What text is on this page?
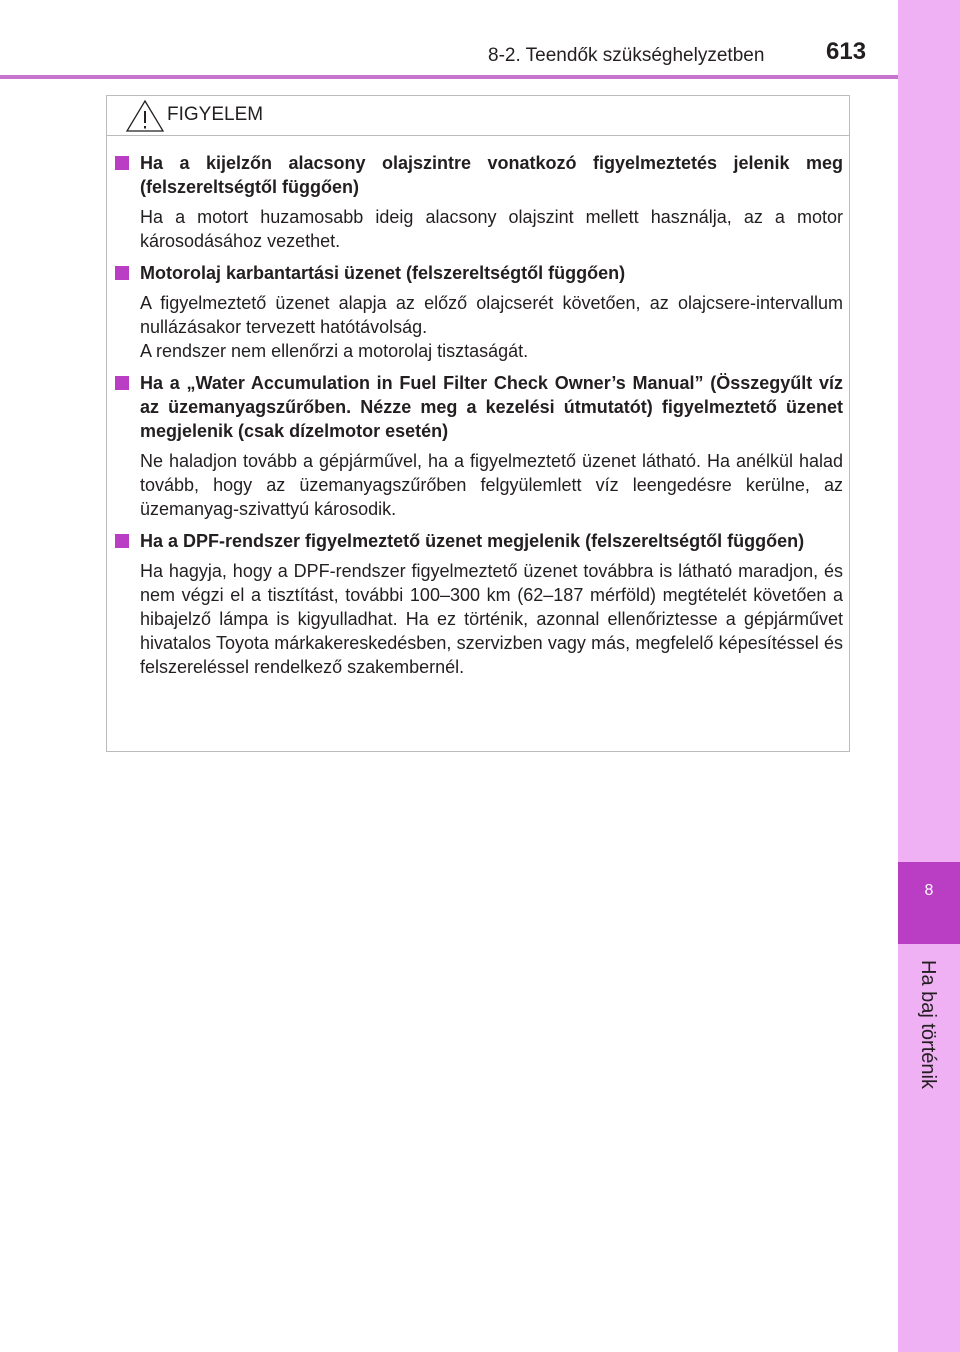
8
Ha baj történik
8-2. Teendők szükséghelyzetben	613
FIGYELEM
Ha a kijelzőn alacsony olajszintre vonatkozó figyelmeztetés jelenik meg (felszereltségtől függően)
Ha a motort huzamosabb ideig alacsony olajszint mellett használja, az a motor károsodásához vezethet.
Motorolaj karbantartási üzenet (felszereltségtől függően)
A figyelmeztető üzenet alapja az előző olajcserét követően, az olajcsere-intervallum nullázásakor tervezett hatótávolság.
A rendszer nem ellenőrzi a motorolaj tisztaságát.
Ha a „Water Accumulation in Fuel Filter Check Owner’s Manual” (Összegyűlt víz az üzemanyagszűrőben. Nézze meg a kezelési útmutatót) figyelmeztető üzenet megjelenik (csak dízelmotor esetén)
Ne haladjon tovább a gépjárművel, ha a figyelmeztető üzenet látható. Ha anélkül halad tovább, hogy az üzemanyagszűrőben felgyülemlett víz leengedésre kerülne, az üzemanyag-szivattyú károsodik.
Ha a DPF-rendszer figyelmeztető üzenet megjelenik (felszereltségtől függően)
Ha hagyja, hogy a DPF-rendszer figyelmeztető üzenet továbbra is látható maradjon, és nem végzi el a tisztítást, további 100–300 km (62–187 mérföld) megtételét követően a hibajelző lámpa is kigyulladhat. Ha ez történik, azonnal ellenőriztesse a gépjárművet hivatalos Toyota márkakereskedésben, szervizben vagy más, megfelelő képesítéssel és felszereléssel rendelkező szakembernél.
